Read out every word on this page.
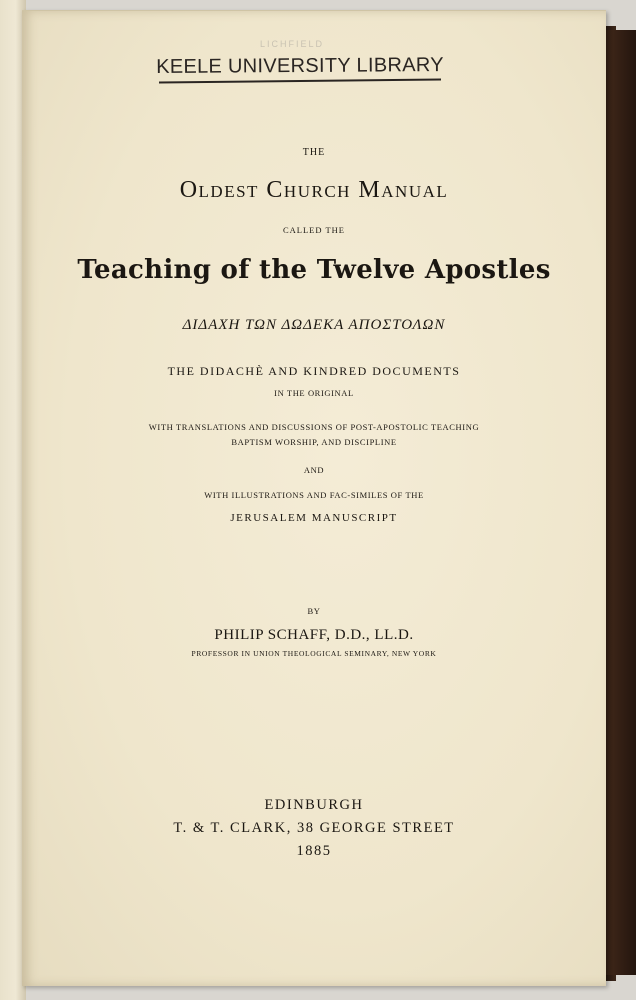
LICHFIELD
KEELE UNIVERSITY LIBRARY
THE
Oldest Church Manual
CALLED THE
Teaching of the Twelve Apostles
ΔΙΔΑΧΗ ΤΩΝ ΔΩΔΕΚΑ ΑΠΟΣΤΟΛΩΝ
THE DIDACHÈ AND KINDRED DOCUMENTS
IN THE ORIGINAL
WITH TRANSLATIONS AND DISCUSSIONS OF POST-APOSTOLIC TEACHING
BAPTISM WORSHIP, AND DISCIPLINE
AND
WITH ILLUSTRATIONS AND FAC-SIMILES OF THE
JERUSALEM MANUSCRIPT
BY
PHILIP SCHAFF, D.D., LL.D.
PROFESSOR IN UNION THEOLOGICAL SEMINARY, NEW YORK
EDINBURGH
T. & T. CLARK, 38 GEORGE STREET
1885
